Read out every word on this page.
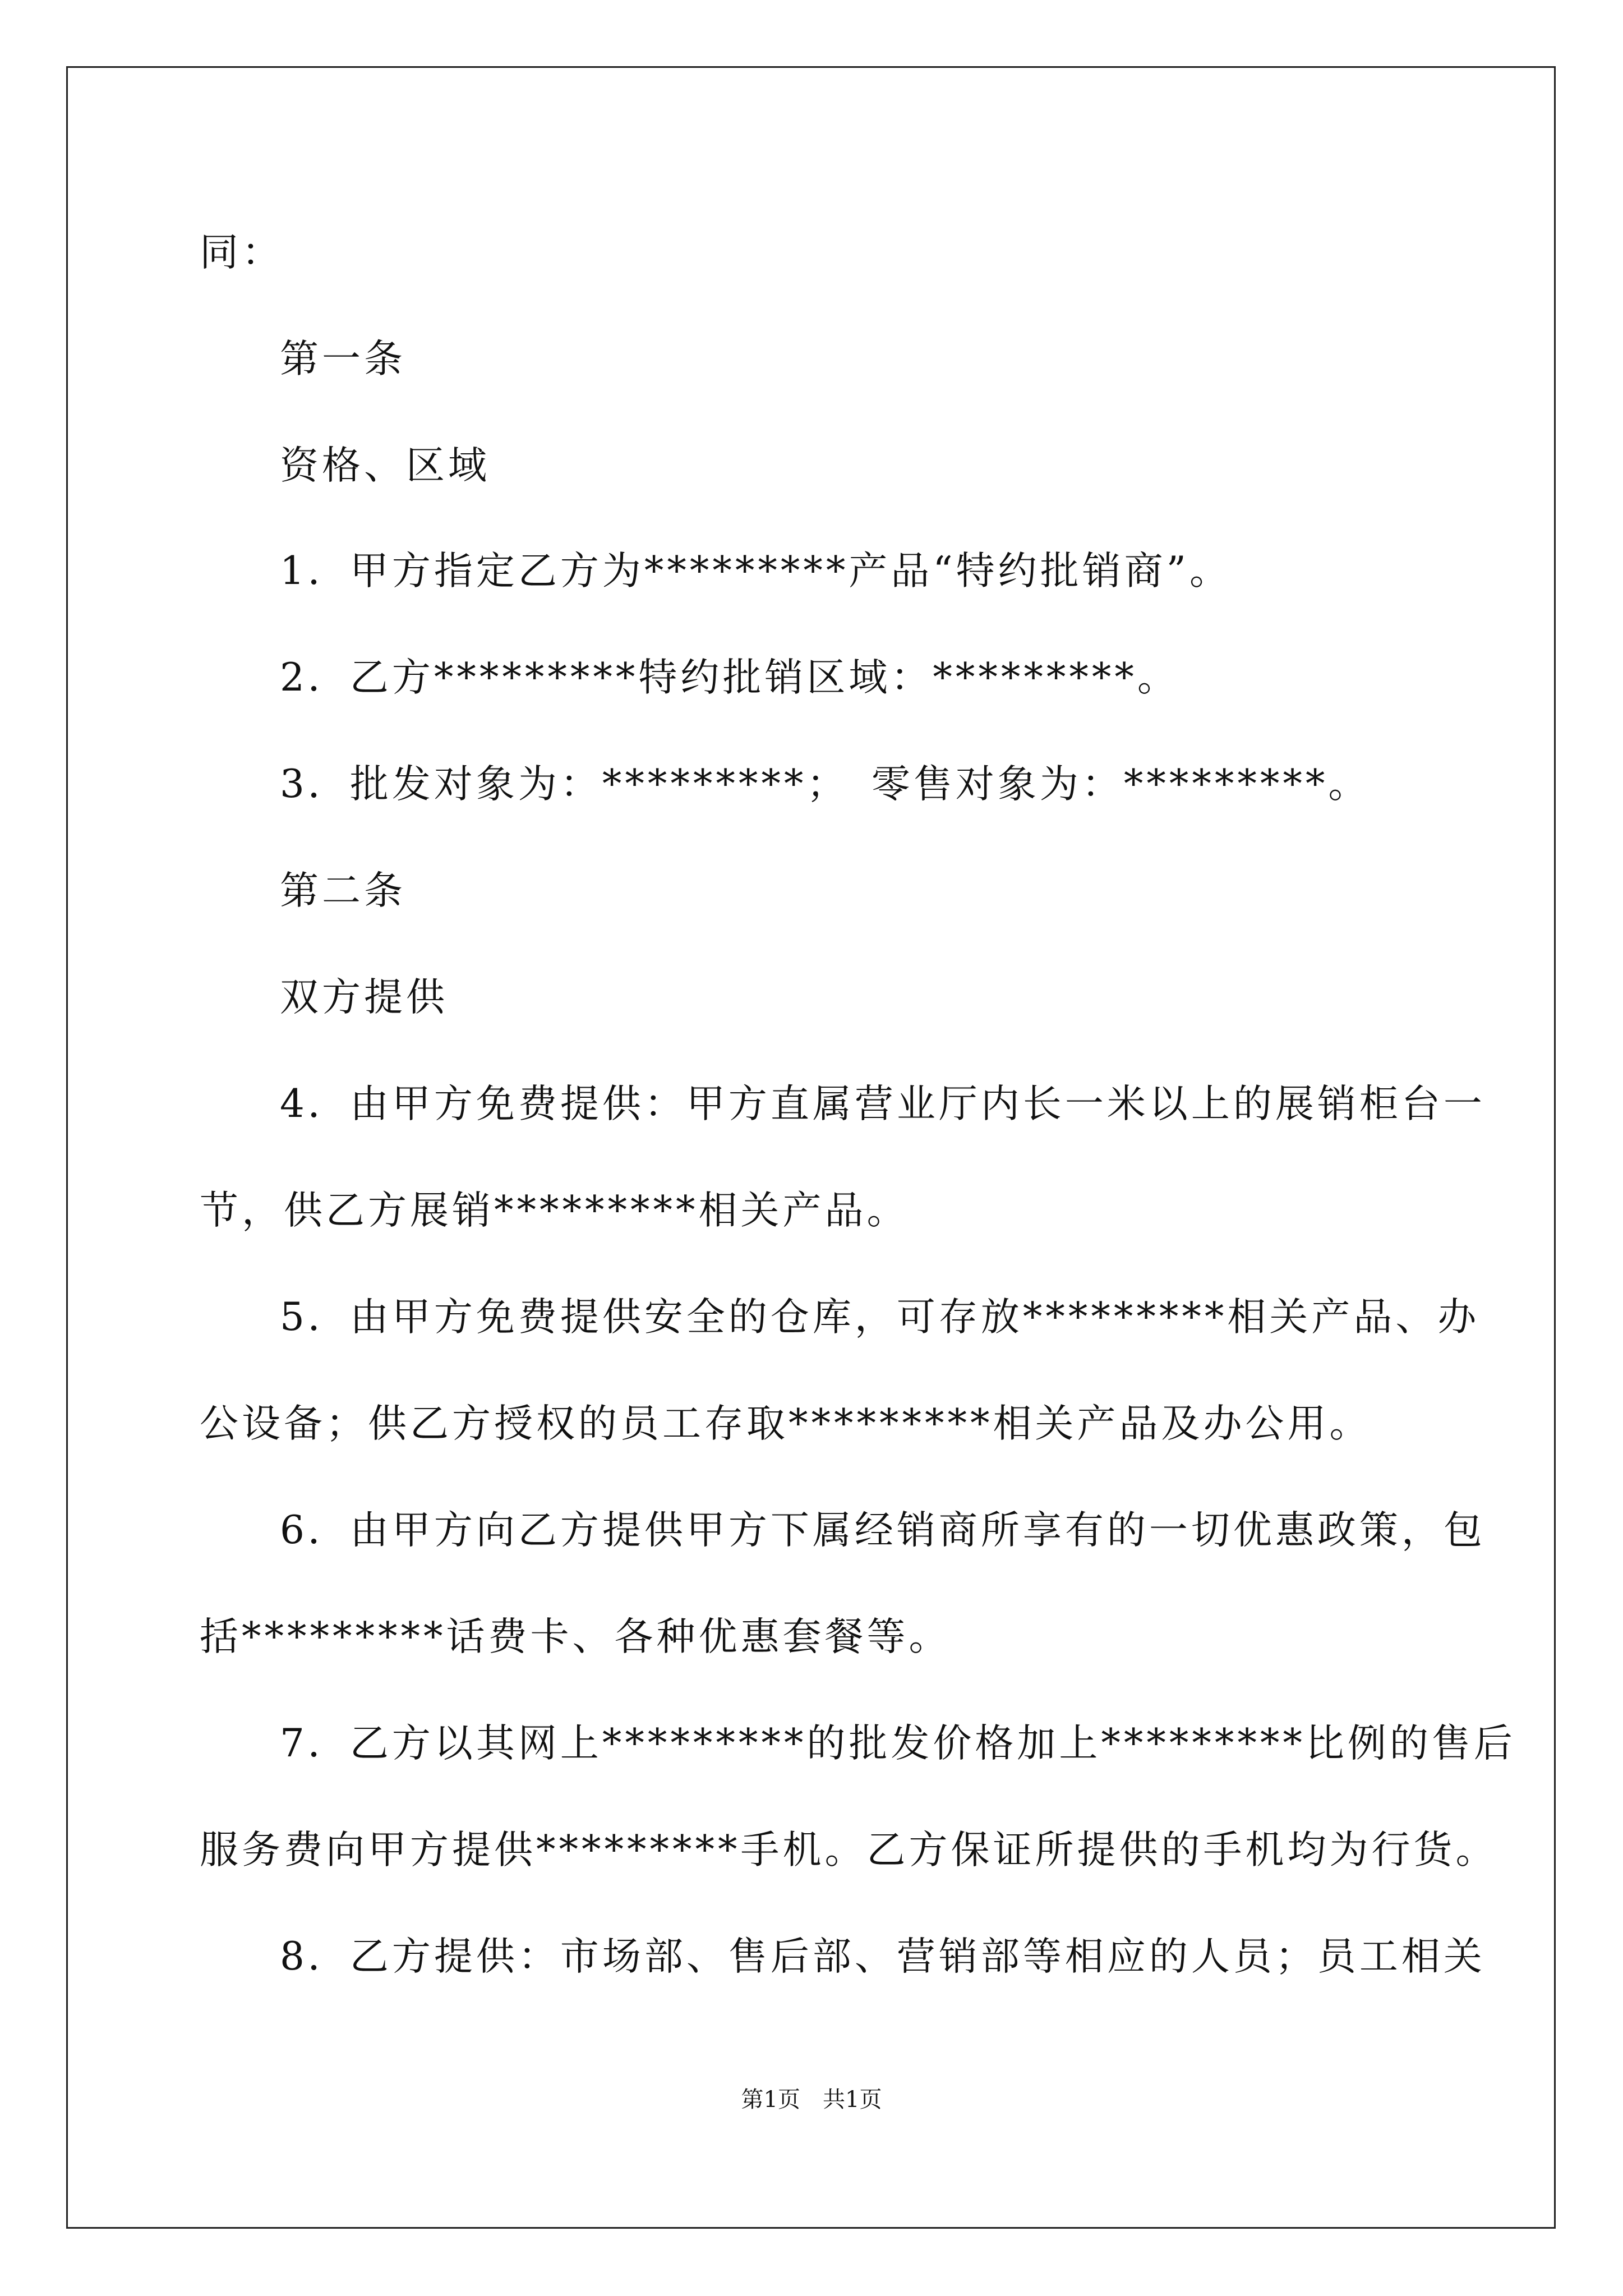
同：
第一条
资格、区域
1．甲方指定乙方为*********产品“特约批销商”。
2．乙方*********特约批销区域：*********。
3．批发对象为：*********；　零售对象为：*********。
第二条
双方提供
4．由甲方免费提供：甲方直属营业厅内长一米以上的展销柜台一
节，供乙方展销*********相关产品。
5．由甲方免费提供安全的仓库，可存放*********相关产品、办
公设备；供乙方授权的员工存取*********相关产品及办公用。
6．由甲方向乙方提供甲方下属经销商所享有的一切优惠政策，包
括*********话费卡、各种优惠套餐等。
7．乙方以其网上*********的批发价格加上*********比例的售后
服务费向甲方提供*********手机。乙方保证所提供的手机均为行货。
8．乙方提供：市场部、售后部、营销部等相应的人员；员工相关
第1页　共1页
